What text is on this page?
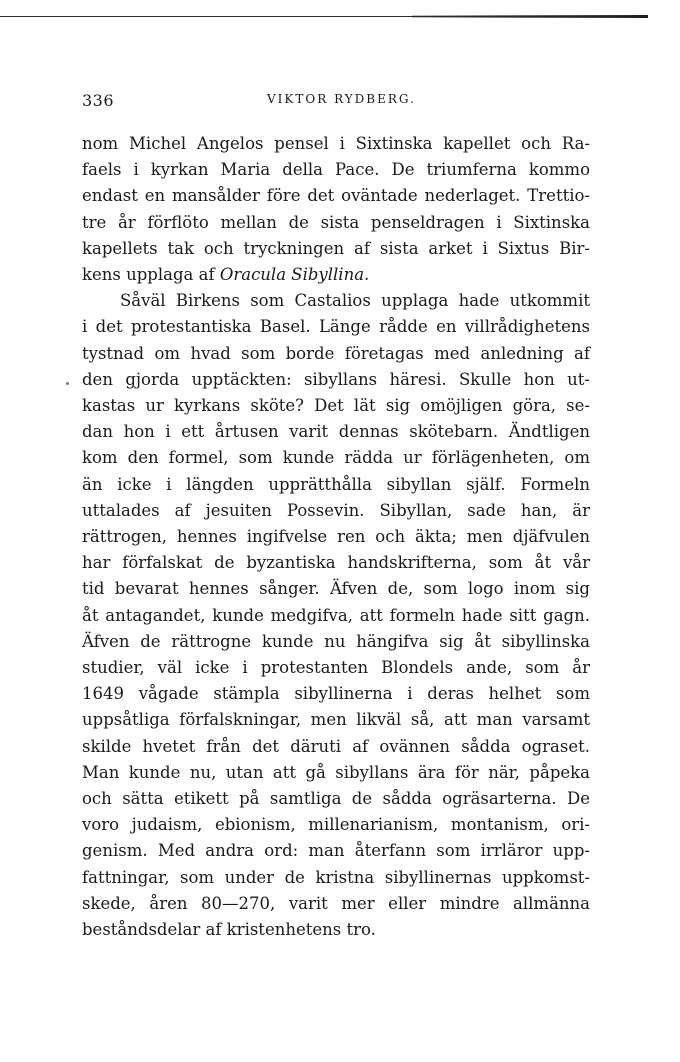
336	VIKTOR RYDBERG.
nom Michel Angelos pensel i Sixtinska kapellet och Ra-
faels i kyrkan Maria della Pace. De triumferna kommo
endast en mansålder före det oväntade nederlaget. Trettio-
tre år förflöto mellan de sista penseldragen i Sixtinska
kapellets tak och tryckningen af sista arket i Sixtus Bir-
kens upplaga af Oracula Sibyllina.
Såväl Birkens som Castalios upplaga hade utkommit
i det protestantiska Basel. Länge rådde en villrådighetens
tystnad om hvad som borde företagas med anledning af
den gjorda upptäckten: sibyllans häresi. Skulle hon ut-
kastas ur kyrkans sköte? Det lät sig omöjligen göra, se-
dan hon i ett årtusen varit dennas skötebarn. Ändtligen
kom den formel, som kunde rädda ur förlägenheten, om
än icke i längden upprätthålla sibyllan själf. Formeln
uttalades af jesuiten Possevin. Sibyllan, sade han, är
rättrogen, hennes ingifvelse ren och äkta; men djäfvulen
har förfalskat de byzantiska handskrifterna, som åt vår
tid bevarat hennes sånger. Äfven de, som logo inom sig
åt antagandet, kunde medgifva, att formeln hade sitt gagn.
Äfven de rättrogne kunde nu hängifva sig åt sibyllinska
studier, väl icke i protestanten Blondels ande, som år
1649 vågade stämpla sibyllinerna i deras helhet som
uppsåtliga förfalskningar, men likväl så, att man varsamt
skilde hvetet från det däruti af ovännen sådda ograset.
Man kunde nu, utan att gå sibyllans ära för när, påpeka
och sätta etikett på samtliga de sådda ogräsarterna. De
voro judaism, ebionism, millenarianism, montanism, ori-
genism. Med andra ord: man återfann som irrläror upp-
fattningar, som under de kristna sibyllinernas uppkomst-
skede, åren 80—270, varit mer eller mindre allmänna
beståndsdelar af kristenhetens tro.
